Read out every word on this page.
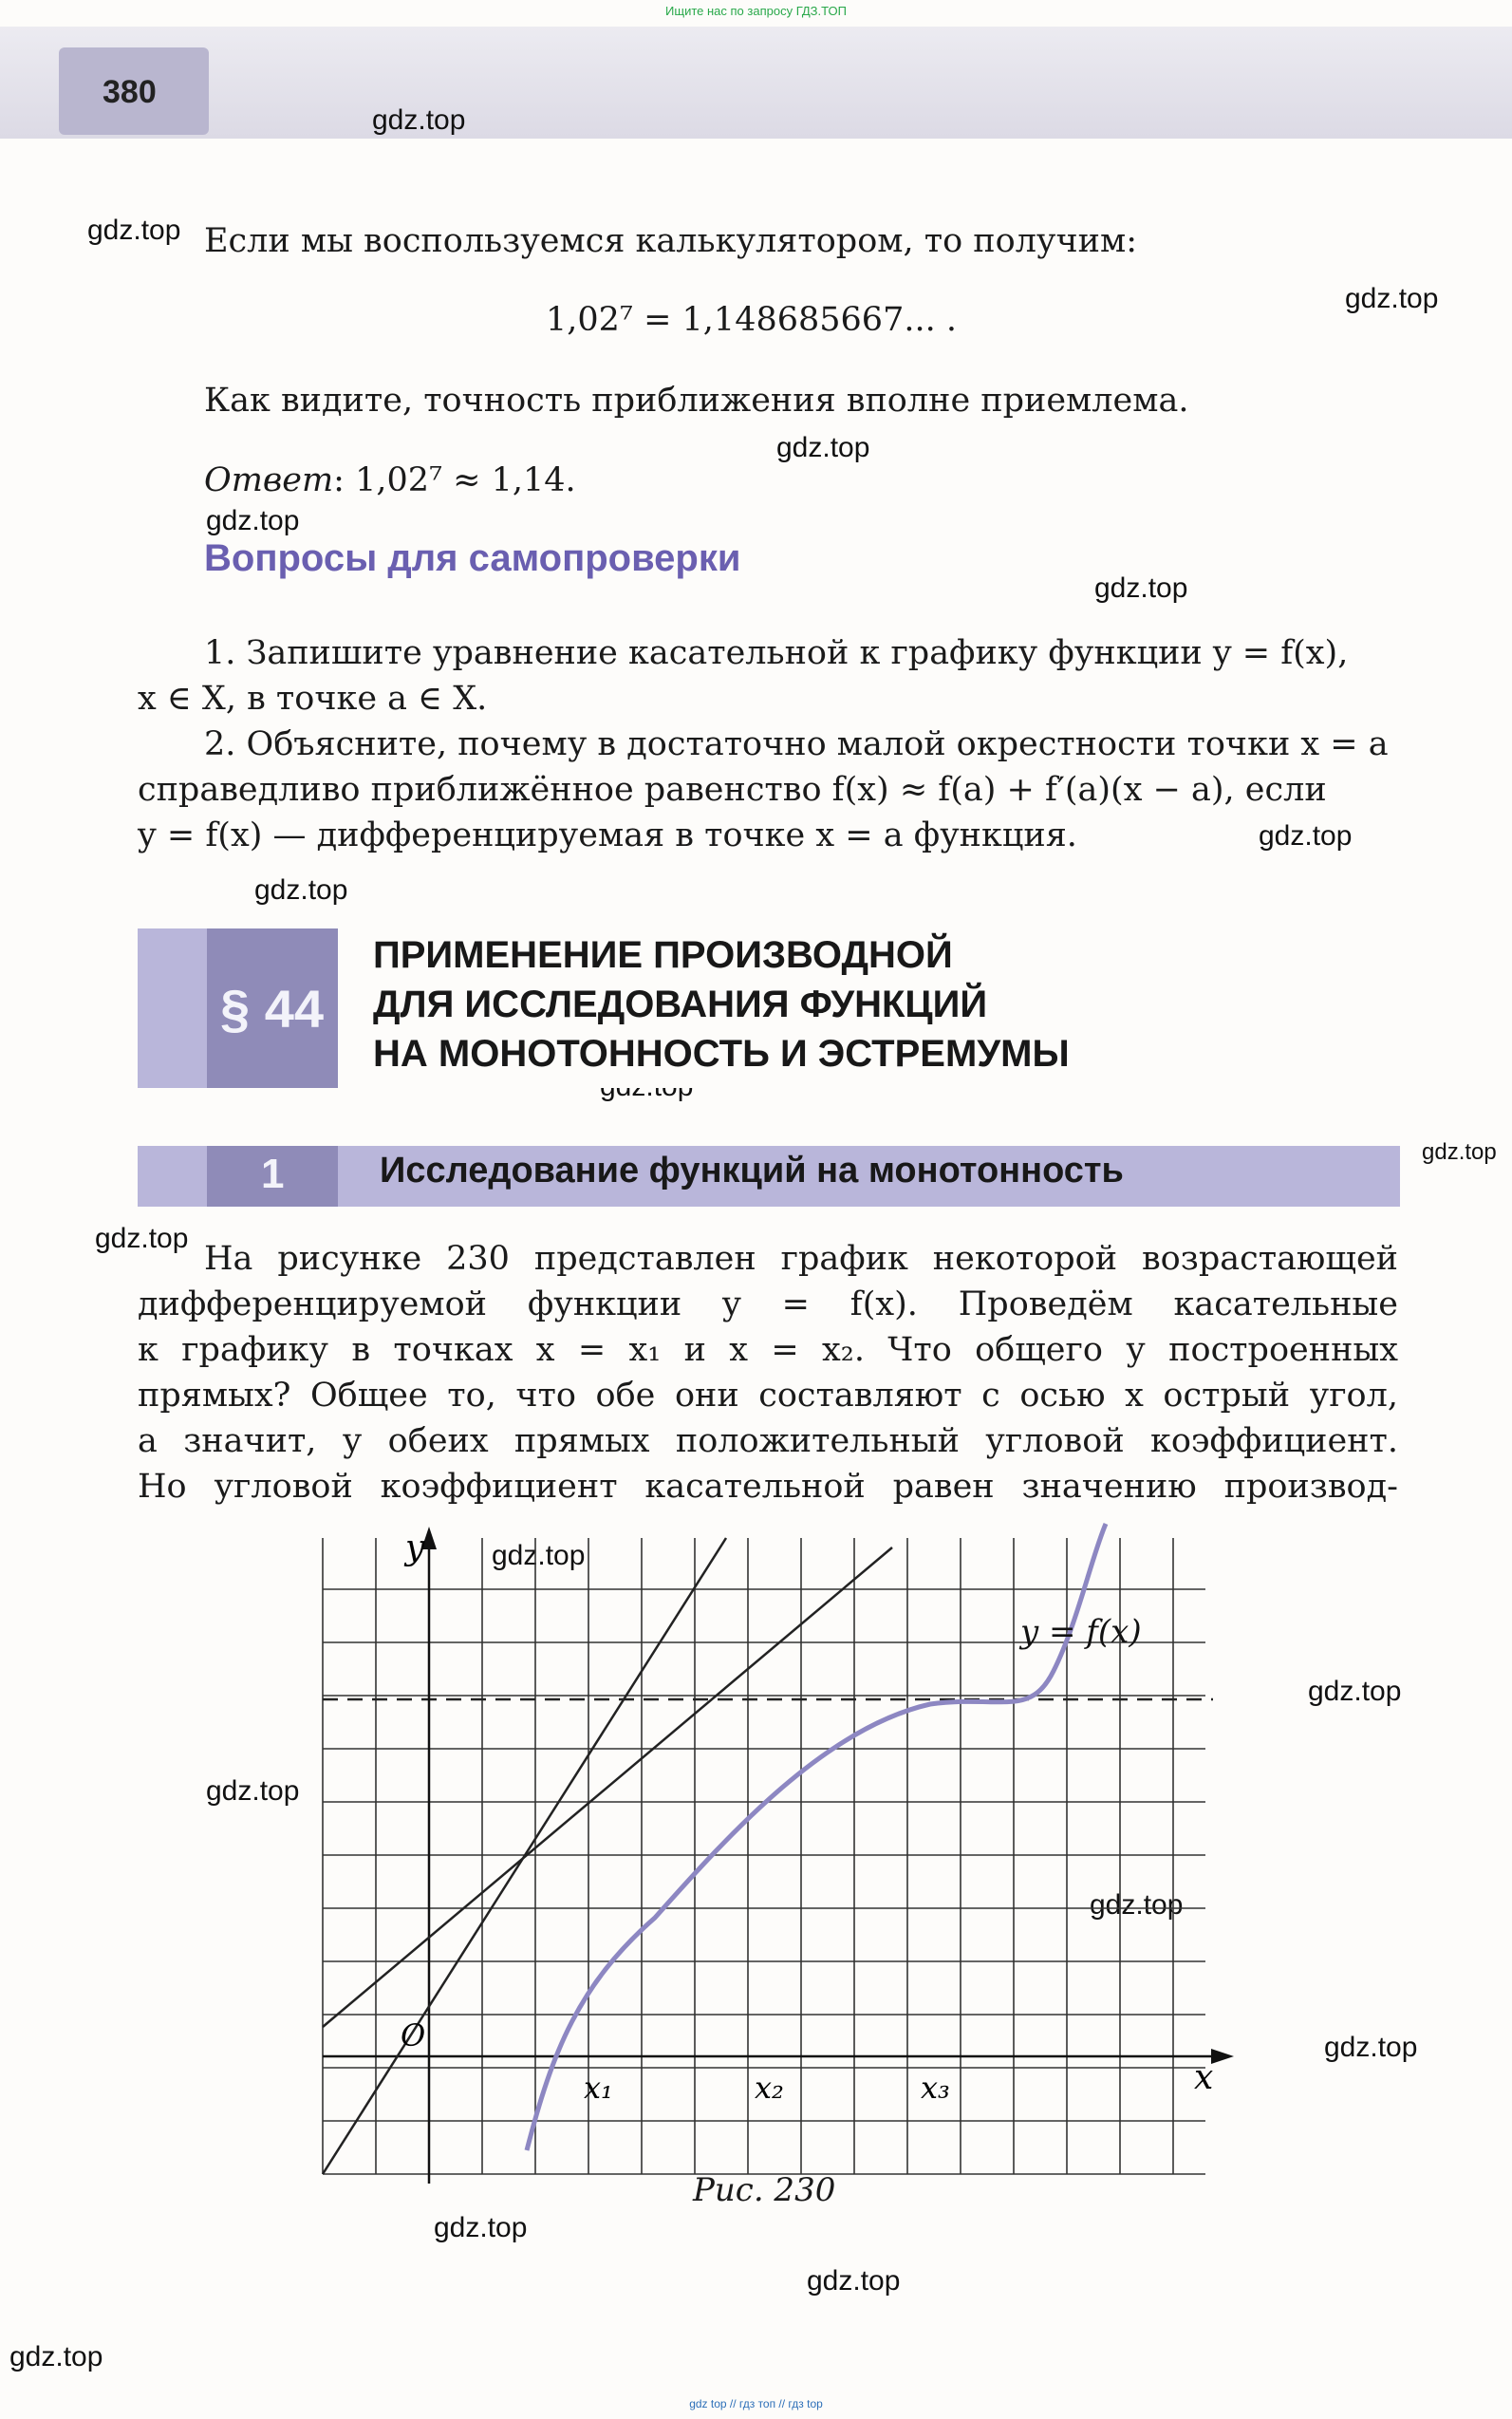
Ищите нас по запросу ГДЗ.ТОП
380
gdz.top
gdz.top
gdz.top
gdz.top
gdz.top
gdz.top
gdz.top
gdz.top
gdz.top
gdz.top
gdz.top
gdz.top
gdz.top
gdz.top
gdz.top
gdz.top
gdz.top
gdz.top
Если мы воспользуемся калькулятором, то получим:
1,02⁷ = 1,148685667... .
Как видите, точность приближения вполне приемлема.
Ответ: 1,02⁷ ≈ 1,14.
Вопросы для самопроверки
1. Запишите уравнение касательной к графику функции y = f(x),
x ∈ X, в точке a ∈ X.
2. Объясните, почему в достаточно малой окрестности точки x = a
справедливо приближённое равенство f(x) ≈ f(a) + f′(a)(x − a), если
y = f(x) — дифференцируемая в точке x = a функция.
§ 44
ПРИМЕНЕНИЕ ПРОИЗВОДНОЙ
ДЛЯ ИССЛЕДОВАНИЯ ФУНКЦИЙ
НА МОНОТОННОСТЬ И ЭСТРЕМУМЫ
1	Исследование функций на монотонность
На рисунке 230 представлен график некоторой возрастающей
дифференцируемой функции y = f(x). Проведём касательные
к графику в точках x = x₁ и x = x₂. Что общего у построенных
прямых? Общее то, что обе они составляют с осью x острый угол,
а значит, у обеих прямых положительный угловой коэффициент.
Но угловой коэффициент касательной равен значению производ-
y
x
O
x₁	x₂	x₃
y = f(x)
Рис. 230
gdz top // гдз топ // гдз top
